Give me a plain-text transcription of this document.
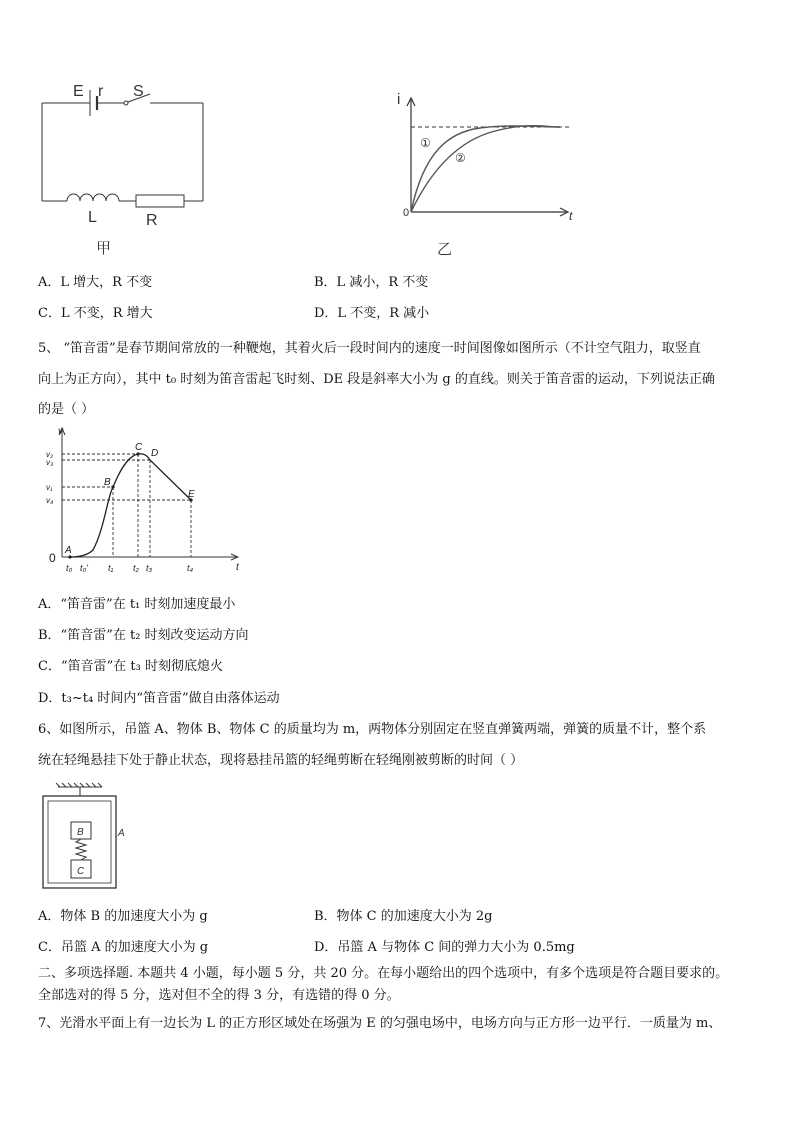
E r S
L	R
甲
i
t
0
①
②
乙
A．L 增大，R 不变	B．L 减小，R 不变
C．L 不变，R 增大	D．L 不变，R 减小
5、 “笛音雷”是春节期间常放的一种鞭炮，其着火后一段时间内的速度一时间图像如图所示（不计空气阻力，取竖直
向上为正方向），其中 t₀ 时刻为笛音雷起飞时刻、DE 段是斜率大小为 g 的直线。则关于笛音雷的运动，下列说法正确
的是（ ）
v
t
v₂
v₃
v₁
v₄
A
B
C
D
E
t₀ t₀' t₁ t₂ t₃	t₄
0
A．“笛音雷”在 t₁ 时刻加速度最小
B．“笛音雷”在 t₂ 时刻改变运动方向
C．“笛音雷”在 t₃ 时刻彻底熄火
D．t₃~t₄ 时间内“笛音雷”做自由落体运动
6、如图所示，吊篮 A、物体 B、物体 C 的质量均为 m，两物体分别固定在竖直弹簧两端，弹簧的质量不计，整个系
统在轻绳悬挂下处于静止状态，现将悬挂吊篮的轻绳剪断在轻绳刚被剪断的时间（ ）
B
C
A
A．物体 B 的加速度大小为 g	B．物体 C 的加速度大小为 2g
C．吊篮 A 的加速度大小为 g	D．吊篮 A 与物体 C 间的弹力大小为 0.5mg
二、多项选择题. 本题共 4 小题，每小题 5 分，共 20 分。在每小题给出的四个选项中，有多个选项是符合题目要求的。
全部选对的得 5 分，选对但不全的得 3 分，有选错的得 0 分。
7、光滑水平面上有一边长为 L 的正方形区域处在场强为 E 的匀强电场中，电场方向与正方形一边平行．一质量为 m、
